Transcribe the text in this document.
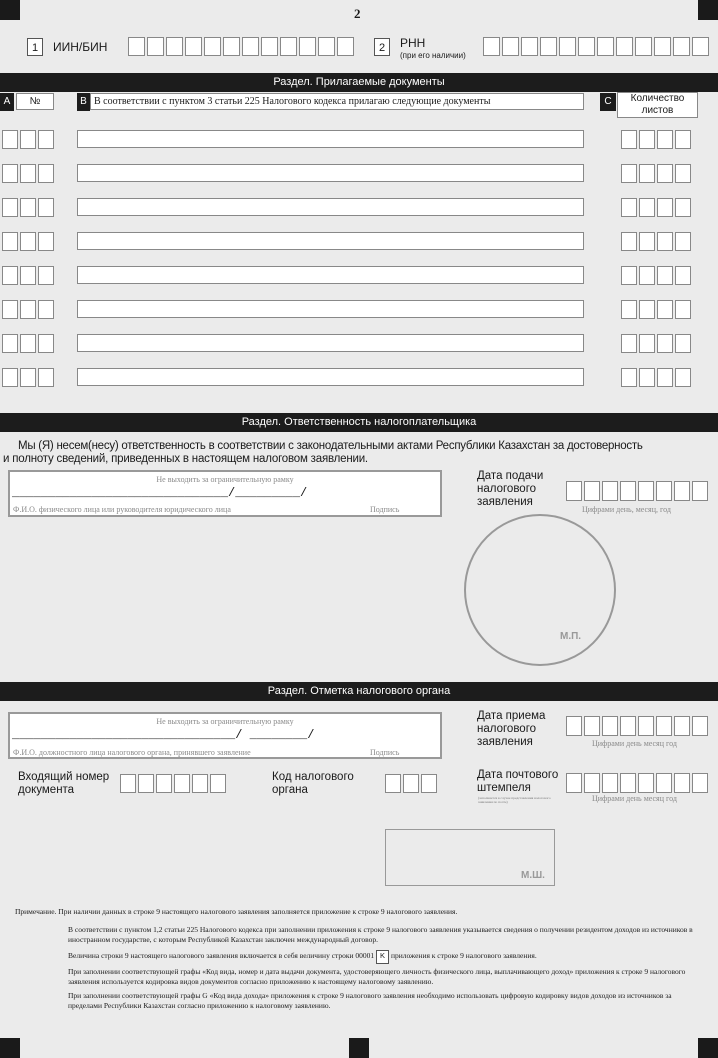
2
1	ИИН/БИН	2	РНН
(при его наличии)
Раздел. Прилагаемые документы
A	№	B В соответствии с пунктом 3 статьи 225 Налогового кодекса прилагаю следующие документы	C	Количество листов
Раздел. Ответственность налогоплательщика
Мы (Я) несем(несу) ответственность в соответствии с законодательными актами Республики Казахстан за достоверность
и полноту сведений, приведенных в настоящем налоговом заявлении.
Не выходить за ограничительную рамку
______________________________/_________/
Ф.И.О. физического лица или руководителя юридического лица	Подпись
Дата подачи налогового заявления
Цифрами день, месяц, год
М.П.
Раздел. Отметка налогового органа
Не выходить за ограничительную рамку
_______________________________/ ________/
Ф.И.О. должностного лица налогового органа, принявшего заявление	Подпись
Дата приема налогового заявления	Цифрами день месяц год
Входящий номер документа
Код налогового органа
Дата почтового штемпеля
(заполняется в случае представления налогового заявления по почте)	Цифрами день месяц год
М.Ш.
Примечание. При наличии данных в строке 9 настоящего налогового заявления заполняется приложение к строке 9 налогового заявления.
В соответствии с пунктом 1,2 статьи 225 Налогового кодекса при заполнении приложения к строке 9 налогового заявления указывается сведения о получении резидентом доходов из источников в иностранном государстве, с которым Республикой Казахстан заключен международный договор.
Величина строки 9 настоящего налогового заявления включается в себя величину строки 00001 K приложения к строке 9 налогового заявления.
При заполнении соответствующей графы «Код вида, номер и дата выдачи документа, удостоверяющего личность физического лица, выплачивающего доход» приложения к строке 9 налогового заявления используется кодировка видов документов согласно приложению к настоящему налоговому заявлению.
При заполнении соответствующей графы G «Код вида дохода» приложения к строке 9 налогового заявления необходимо использовать цифровую кодировку видов доходов из источников за пределами Республики Казахстан согласно приложению к налоговому заявлению.
